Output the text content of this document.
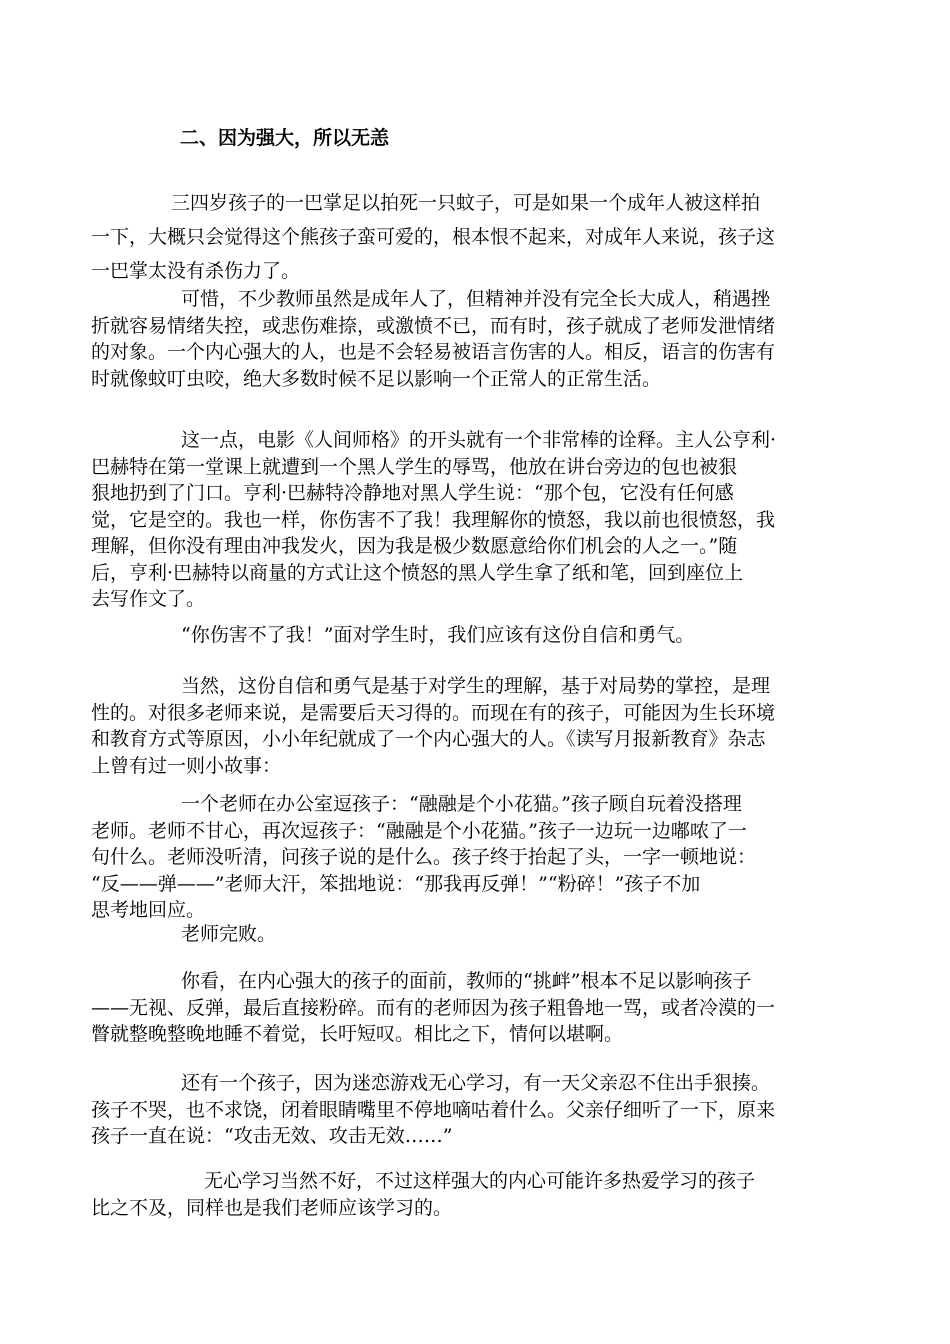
二、因为强大，所以无恙
三四岁孩子的一巴掌足以拍死一只蚊子，可是如果一个成年人被这样拍
一下，大概只会觉得这个熊孩子蛮可爱的，根本恨不起来，对成年人来说，孩子这
一巴掌太没有杀伤力了。
可惜，不少教师虽然是成年人了，但精神并没有完全长大成人，稍遇挫
折就容易情绪失控，或悲伤难捺，或激愤不已，而有时，孩子就成了老师发泄情绪
的对象。一个内心强大的人，也是不会轻易被语言伤害的人。相反，语言的伤害有
时就像蚊叮虫咬，绝大多数时候不足以影响一个正常人的正常生活。
这一点，电影《人间师格》的开头就有一个非常棒的诠释。主人公亨利·
巴赫特在第一堂课上就遭到一个黑人学生的辱骂，他放在讲台旁边的包也被狠
狠地扔到了门口。亨利·巴赫特冷静地对黑人学生说：“那个包，它没有任何感
觉，它是空的。我也一样，你伤害不了我！我理解你的愤怒，我以前也很愤怒，我
理解，但你没有理由冲我发火，因为我是极少数愿意给你们机会的人之一。”随
后，亨利·巴赫特以商量的方式让这个愤怒的黑人学生拿了纸和笔，回到座位上
去写作文了。
“你伤害不了我！”面对学生时，我们应该有这份自信和勇气。
当然，这份自信和勇气是基于对学生的理解，基于对局势的掌控，是理
性的。对很多老师来说，是需要后天习得的。而现在有的孩子，可能因为生长环境
和教育方式等原因，小小年纪就成了一个内心强大的人。《读写月报新教育》杂志
上曾有过一则小故事：
一个老师在办公室逗孩子：“融融是个小花猫。”孩子顾自玩着没搭理
老师。老师不甘心，再次逗孩子：“融融是个小花猫。”孩子一边玩一边嘟哝了一
句什么。老师没听清，问孩子说的是什么。孩子终于抬起了头，一字一顿地说：
“反——弹——”老师大汗，笨拙地说：“那我再反弹！”“粉碎！”孩子不加
思考地回应。
老师完败。
你看，在内心强大的孩子的面前，教师的“挑衅”根本不足以影响孩子
——无视、反弹，最后直接粉碎。而有的老师因为孩子粗鲁地一骂，或者冷漠的一
瞥就整晚整晚地睡不着觉，长吁短叹。相比之下，情何以堪啊。
还有一个孩子，因为迷恋游戏无心学习，有一天父亲忍不住出手狠揍。
孩子不哭，也不求饶，闭着眼睛嘴里不停地嘀咕着什么。父亲仔细听了一下，原来
孩子一直在说：“攻击无效、攻击无效……”
无心学习当然不好，不过这样强大的内心可能许多热爱学习的孩子
比之不及，同样也是我们老师应该学习的。
